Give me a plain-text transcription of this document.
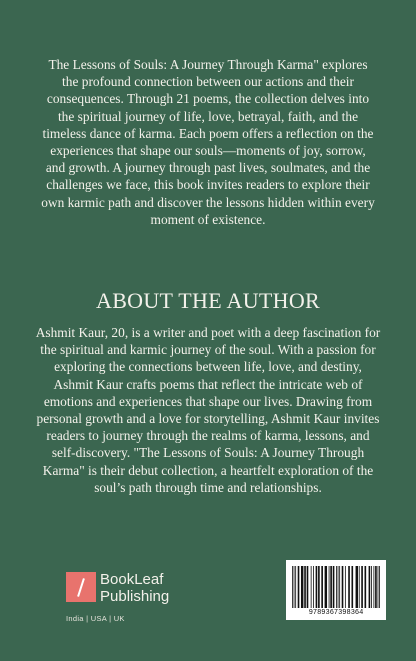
The Lessons of Souls: A Journey Through Karma" explores the profound connection between our actions and their consequences. Through 21 poems, the collection delves into the spiritual journey of life, love, betrayal, faith, and the timeless dance of karma. Each poem offers a reflection on the experiences that shape our souls—moments of joy, sorrow, and growth. A journey through past lives, soulmates, and the challenges we face, this book invites readers to explore their own karmic path and discover the lessons hidden within every moment of existence.

ABOUT THE AUTHOR

Ashmit Kaur, 20, is a writer and poet with a deep fascination for the spiritual and karmic journey of the soul. With a passion for exploring the connections between life, love, and destiny, Ashmit Kaur crafts poems that reflect the intricate web of emotions and experiences that shape our lives. Drawing from personal growth and a love for storytelling, Ashmit Kaur invites readers to journey through the realms of karma, lessons, and self-discovery. "The Lessons of Souls: A Journey Through Karma" is their debut collection, a heartfelt exploration of the soul’s path through time and relationships.

BookLeaf
Publishing
India | USA | UK
9789367398364
